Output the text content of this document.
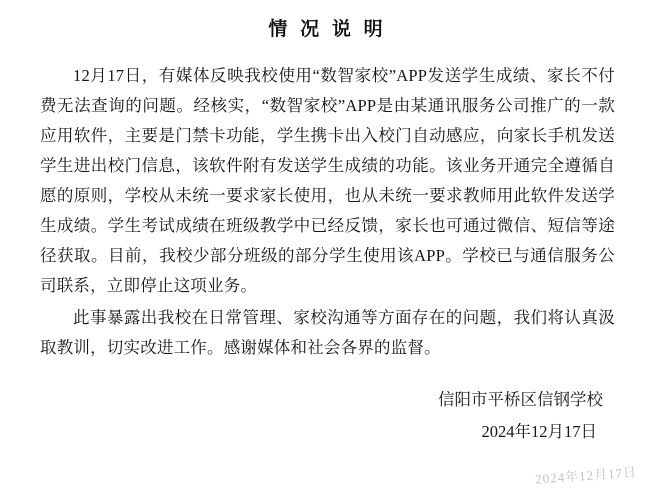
情 况 说 明

12月17日，有媒体反映我校使用“数智家校”APP发送学生成绩、家长不付费无法查询的问题。经核实，“数智家校”APP是由某通讯服务公司推广的一款应用软件，主要是门禁卡功能，学生携卡出入校门自动感应，向家长手机发送学生进出校门信息，该软件附有发送学生成绩的功能。该业务开通完全遵循自愿的原则，学校从未统一要求家长使用，也从未统一要求教师用此软件发送学生成绩。学生考试成绩在班级教学中已经反馈，家长也可通过微信、短信等途径获取。目前，我校少部分班级的部分学生使用该APP。学校已与通信服务公司联系，立即停止这项业务。

此事暴露出我校在日常管理、家校沟通等方面存在的问题，我们将认真汲取教训，切实改进工作。感谢媒体和社会各界的监督。

信阳市平桥区信钢学校
2024年12月17日
2024年12月17日
